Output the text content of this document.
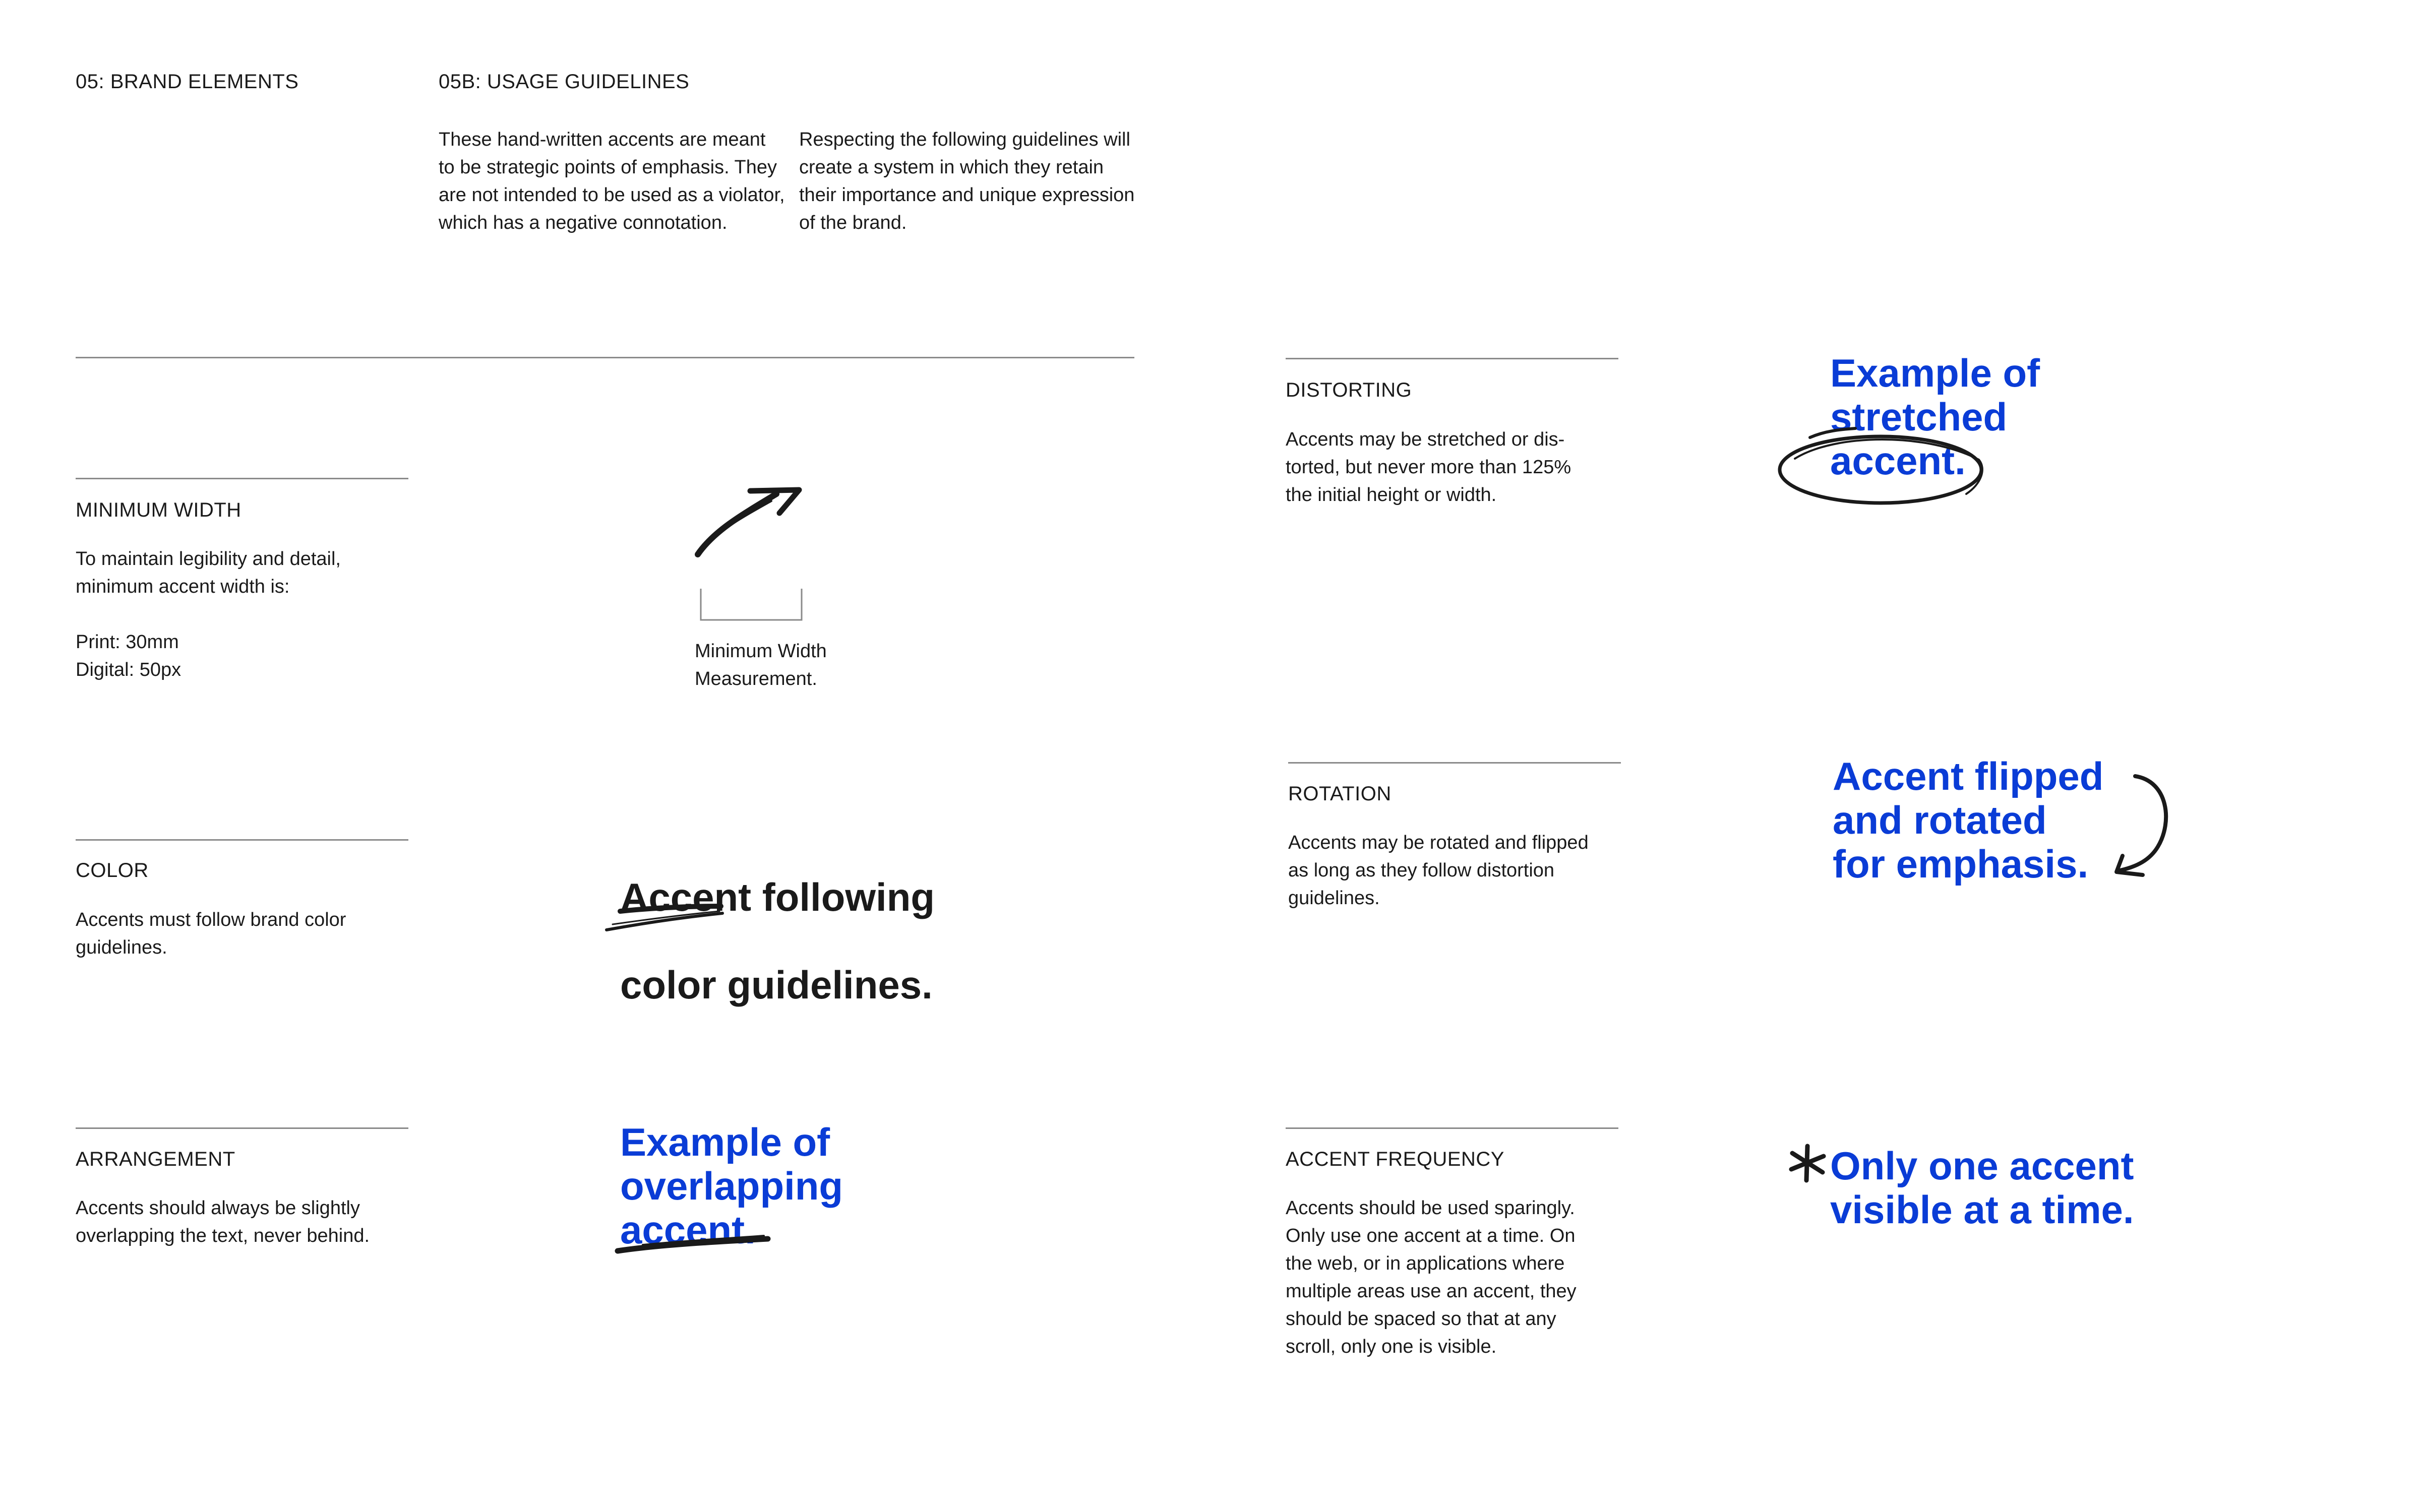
05: BRAND ELEMENTS	05B: USAGE GUIDELINES
These hand-written accents are meant
to be strategic points of emphasis. They
are not intended to be used as a violator,
which has a negative connotation.
Respecting the following guidelines will
create a system in which they retain
their importance and unique expression
of the brand.
MINIMUM WIDTH
To maintain legibility and detail,
minimum accent width is:

Print: 30mm
Digital: 50px
Minimum Width
Measurement.
COLOR
Accents must follow brand color
guidelines.

Accent following

color guidelines.

ARRANGEMENT
Accents should always be slightly
overlapping the text, never behind.
Example of
overlapping
accent.
DISTORTING
Accents may be stretched or dis-
torted, but never more than 125%
the initial height or width.
Example of
stretched
accent.
ROTATION
Accents may be rotated and flipped
as long as they follow distortion
guidelines.
Accent flipped
and rotated
for emphasis.
ACCENT FREQUENCY
Accents should be used sparingly.
Only use one accent at a time. On
the web, or in applications where
multiple areas use an accent, they
should be spaced so that at any
scroll, only one is visible.
Only one accent
visible at a time.
